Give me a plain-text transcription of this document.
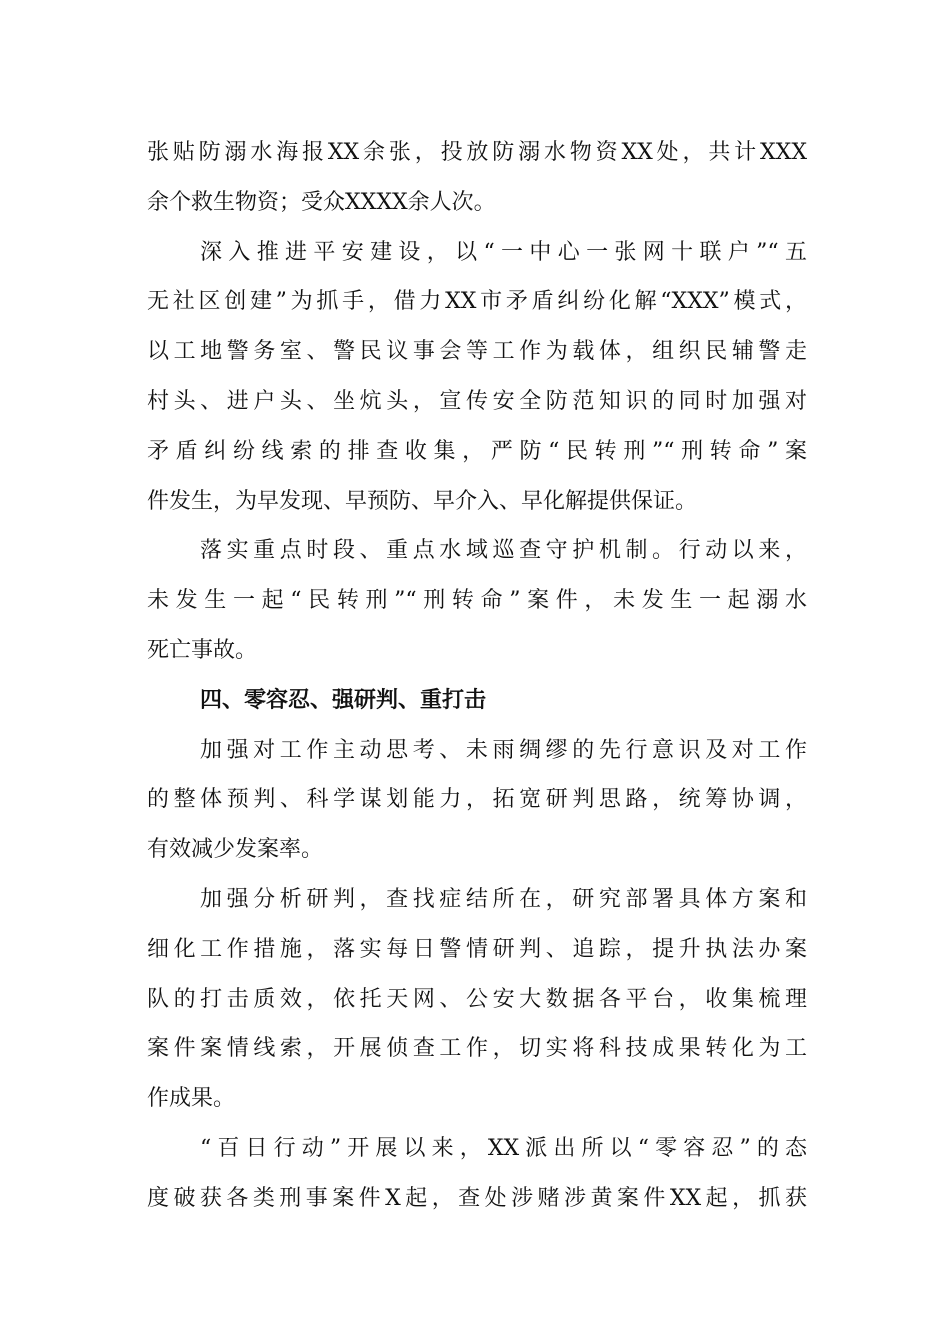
张贴防溺水海报XX余张，投放防溺水物资XX处，共计XXX
余个救生物资；受众XXXX余人次。
深入推进平安建设，以“一中心一张网十联户”“五
无社区创建”为抓手，借力XX市矛盾纠纷化解“XXX”模式，
以工地警务室、警民议事会等工作为载体，组织民辅警走
村头、进户头、坐炕头，宣传安全防范知识的同时加强对
矛盾纠纷线索的排查收集，严防“民转刑”“刑转命”案
件发生，为早发现、早预防、早介入、早化解提供保证。
落实重点时段、重点水域巡查守护机制。行动以来，
未发生一起“民转刑”“刑转命”案件，未发生一起溺水
死亡事故。
四、零容忍、强研判、重打击
加强对工作主动思考、未雨绸缪的先行意识及对工作
的整体预判、科学谋划能力，拓宽研判思路，统筹协调，
有效减少发案率。
加强分析研判，查找症结所在，研究部署具体方案和
细化工作措施，落实每日警情研判、追踪，提升执法办案
队的打击质效，依托天网、公安大数据各平台，收集梳理
案件案情线索，开展侦查工作，切实将科技成果转化为工
作成果。
“百日行动”开展以来，XX派出所以“零容忍”的态
度破获各类刑事案件X起，查处涉赌涉黄案件XX起，抓获
